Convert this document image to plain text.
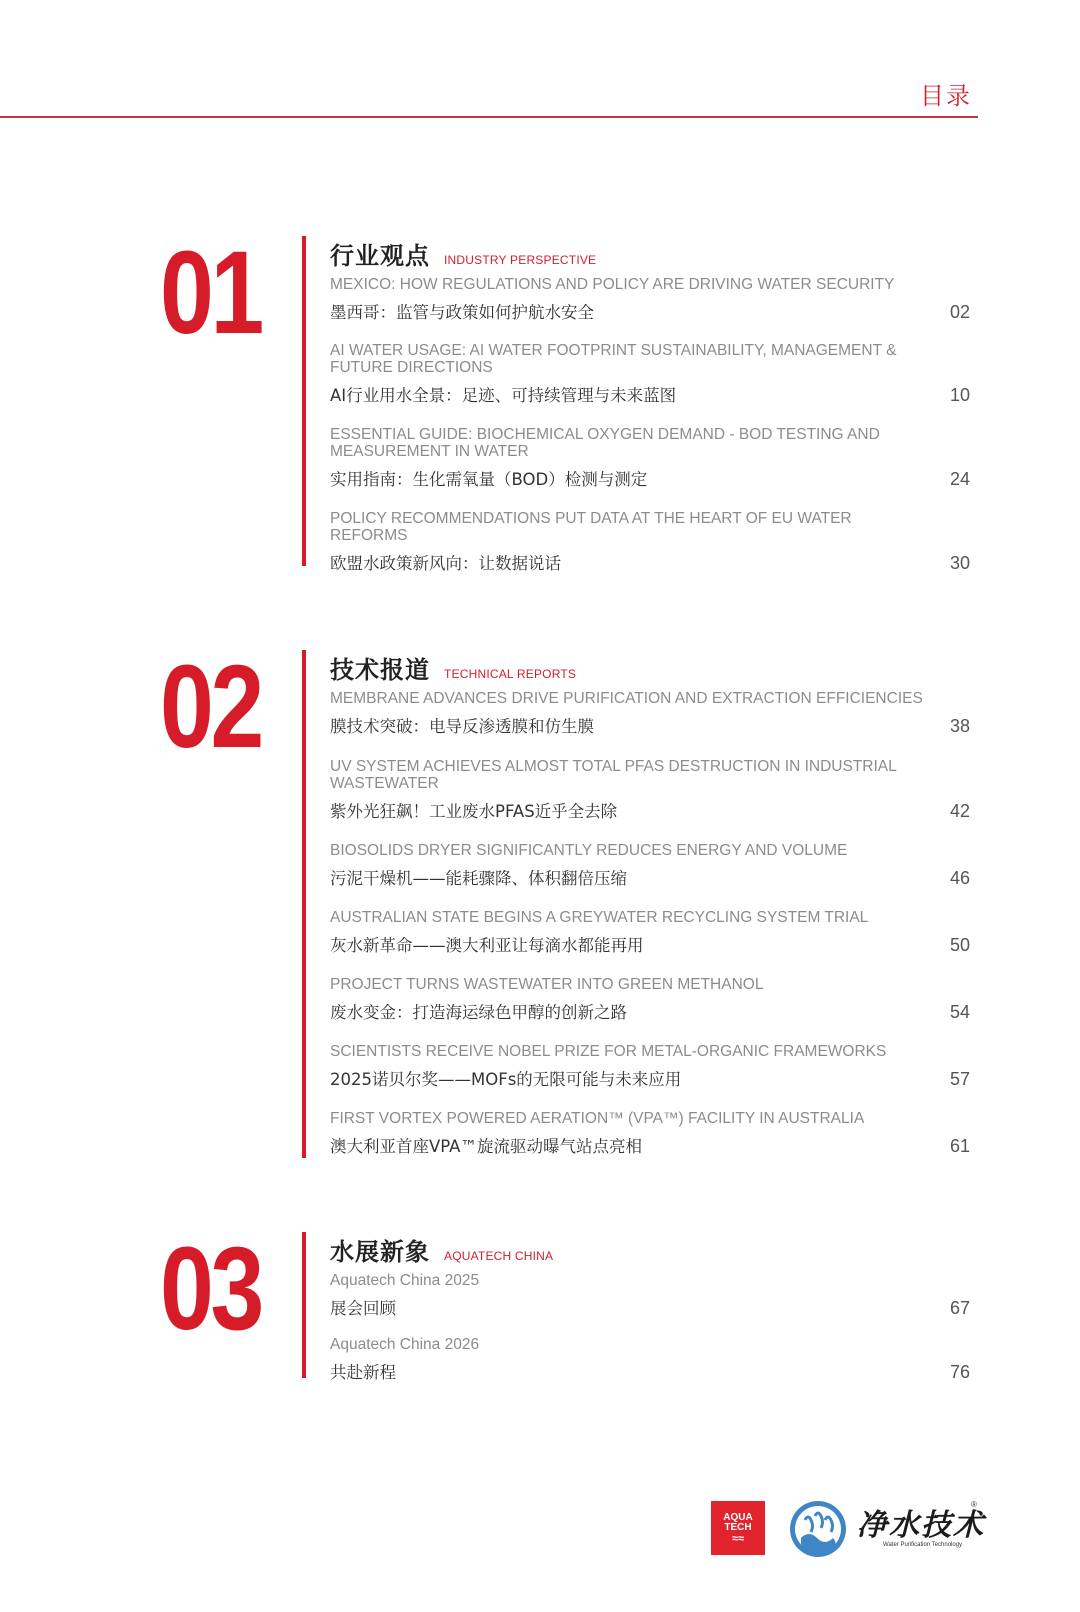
目录
01	行业观点 INDUSTRY PERSPECTIVE
MEXICO: HOW REGULATIONS AND POLICY ARE DRIVING WATER SECURITY
墨西哥：监管与政策如何护航水安全	02
AI WATER USAGE: AI WATER FOOTPRINT SUSTAINABILITY, MANAGEMENT & FUTURE DIRECTIONS
AI行业用水全景：足迹、可持续管理与未来蓝图	10
ESSENTIAL GUIDE: BIOCHEMICAL OXYGEN DEMAND - BOD TESTING AND MEASUREMENT IN WATER
实用指南：生化需氧量（BOD）检测与测定	24
POLICY RECOMMENDATIONS PUT DATA AT THE HEART OF EU WATER REFORMS
欧盟水政策新风向：让数据说话	30
02	技术报道 TECHNICAL REPORTS
MEMBRANE ADVANCES DRIVE PURIFICATION AND EXTRACTION EFFICIENCIES
膜技术突破：电导反渗透膜和仿生膜	38
UV SYSTEM ACHIEVES ALMOST TOTAL PFAS DESTRUCTION IN INDUSTRIAL WASTEWATER
紫外光狂飙！工业废水PFAS近乎全去除	42
BIOSOLIDS DRYER SIGNIFICANTLY REDUCES ENERGY AND VOLUME
污泥干燥机——能耗骤降、体积翻倍压缩	46
AUSTRALIAN STATE BEGINS A GREYWATER RECYCLING SYSTEM TRIAL
灰水新革命——澳大利亚让每滴水都能再用	50
PROJECT TURNS WASTEWATER INTO GREEN METHANOL
废水变金：打造海运绿色甲醇的创新之路	54
SCIENTISTS RECEIVE NOBEL PRIZE FOR METAL-ORGANIC FRAMEWORKS
2025诺贝尔奖——MOFs的无限可能与未来应用	57
FIRST VORTEX POWERED AERATION™ (VPA™) FACILITY IN AUSTRALIA
澳大利亚首座VPA™旋流驱动曝气站点亮相	61
03	水展新象 AQUATECH CHINA
Aquatech China 2025
展会回顾	67
Aquatech China 2026
共赴新程	76
AQUA
TECH
≈≈	净水技术
®
Water Purification Technology
